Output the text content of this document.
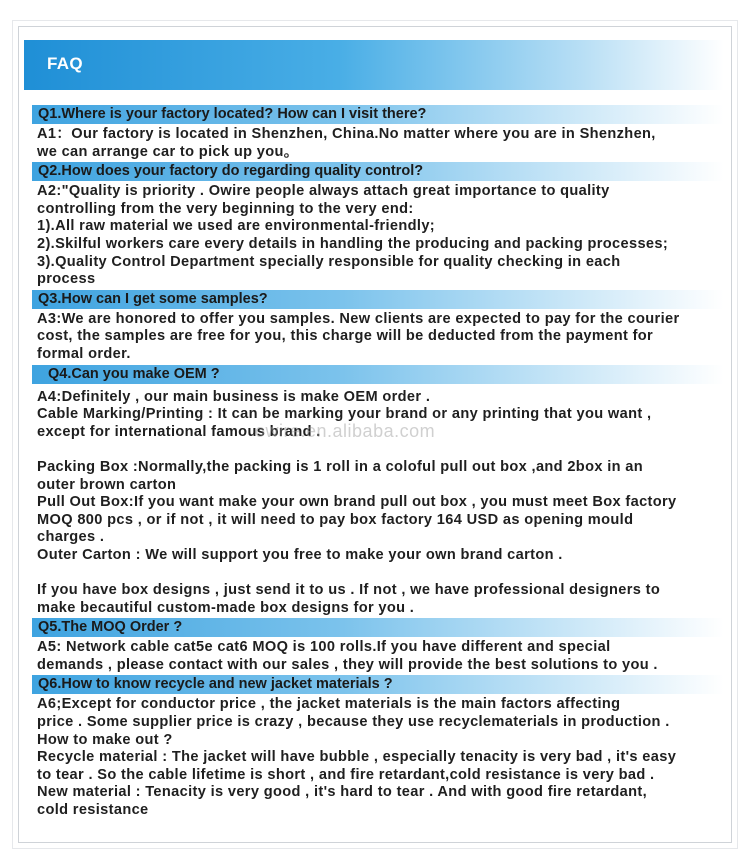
FAQ
Q1.Where is your factory located? How can I visit there?
A1：Our factory is located in Shenzhen, China.No matter where you are in Shenzhen,
we can arrange car to pick up you。
Q2.How does your factory do regarding quality control?
A2:"Quality is priority . Owire people always attach great importance to quality
controlling from the very beginning to the very end:
1).All raw material we used are environmental-friendly;
2).Skilful workers care every details in handling the producing and packing processes;
3).Quality Control Department specially responsible for quality checking in each
process
Q3.How can I get some samples?
A3:We are honored to offer you samples. New clients are expected to pay for the courier
cost, the samples are free for you, this charge will be deducted from the payment for
formal order.
Q4.Can you make OEM ?
A4:Definitely , our main business is make OEM order .
Cable Marking/Printing : It can be marking your brand or any printing that you want ,
except for international famous brand .
Packing Box :Normally,the packing is 1 roll in a coloful pull out box ,and 2box in an
outer brown carton
Pull Out Box:If you want make your own brand pull out box , you must meet Box factory
MOQ 800 pcs , or if not , it will need to pay box factory 164 USD as opening mould
charges .
Outer Carton : We will support you free to make your own brand carton .
If you have box designs , just send it to us . If not , we have professional designers to
make becautiful custom-made box designs for you .
Q5.The MOQ Order ?
A5: Network cable cat5e cat6 MOQ is 100 rolls.If you have different and special
demands , please contact with our sales , they will provide the best solutions to you .
Q6.How to know recycle and new jacket materials ?
A6;Except for conductor price , the jacket materials is the main factors affecting
price . Some supplier price is crazy , because they use recyclematerials in production .
How to make out ?
Recycle material : The jacket will have bubble , especially tenacity is very bad , it's easy
to tear . So the cable lifetime is short , and fire retardant,cold resistance is very bad .
New material : Tenacity is very good , it's hard to tear . And with good fire retardant,
cold resistance
owire.en.alibaba.com
